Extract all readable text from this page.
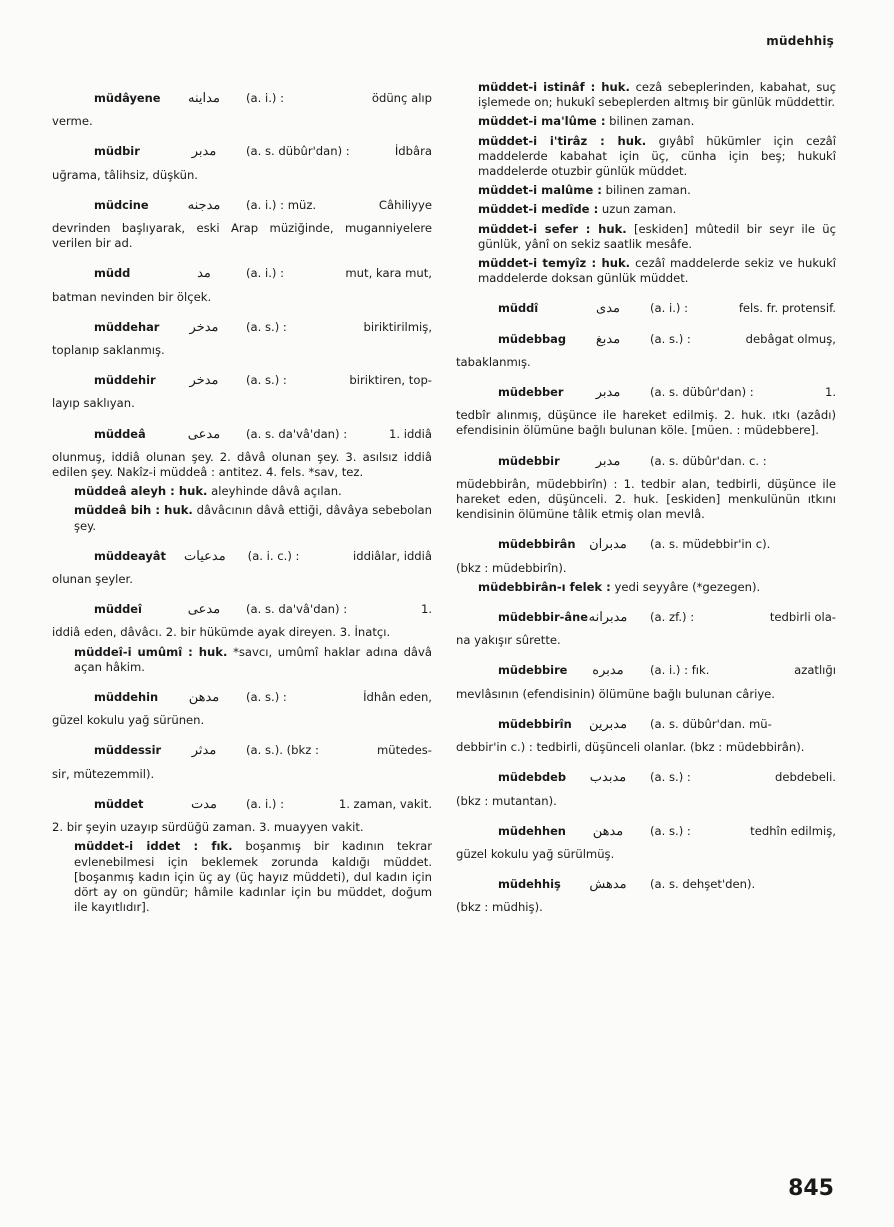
müdehhiş
müdâyene	مداينه	(a. i.) :	ödünç alıp
verme.
müdbir	مدبر	(a. s. dübûr'dan) :	İdbâra
uğrama, tâlihsiz, düşkün.
müdcine	مدجنه	(a. i.) : müz.	Câhiliyye
devrinden başlıyarak, eski Arap müziğinde, muganniyelere verilen bir ad.
müdd	مد	(a. i.) :	mut, kara mut,
batman nevinden bir ölçek.
müddehar	مدخر	(a. s.) :	biriktirilmiş,
toplanıp saklanmış.
müddehir	مدخر	(a. s.) :	biriktiren, top-
layıp saklıyan.
müddeâ	مدعى	(a. s. da'vâ'dan) :	1. iddiâ
olunmuş, iddiâ olunan şey. 2. dâvâ olunan şey. 3. asılsız iddiâ edilen şey. Nakîz-i müddeâ : antitez. 4. fels. *sav, tez.
müddeâ aleyh : huk. aleyhinde dâvâ açılan.
müddeâ bih : huk. dâvâcının dâvâ ettiği, dâvâya sebebolan şey.
müddeayât	مدعيات (a. i. c.) :	iddiâlar, iddiâ
olunan şeyler.
müddeî	مدعى	(a. s. da'vâ'dan) :	1.
iddiâ eden, dâvâcı. 2. bir hükümde ayak direyen. 3. İnatçı.
müddeî-i umûmî : huk. *savcı, umûmî haklar adına dâvâ açan hâkim.
müddehin	مدهن	(a. s.) :	İdhân eden,
güzel kokulu yağ sürünen.
müddessir	مدثر	(a. s.). (bkz :	mütedes-
sir, mütezemmil).
müddet	مدت	(a. i.) :	1. zaman, vakit.
2. bir şeyin uzayıp sürdüğü zaman. 3. muayyen vakit.
müddet-i iddet : fık. boşanmış bir kadının tekrar evlenebilmesi için beklemek zorunda kaldığı müddet. [boşanmış kadın için üç ay (üç hayız müddeti), dul kadın için dört ay on gündür; hâmile kadınlar için bu müddet, doğum ile kayıtlıdır].
müddet-i istinâf : huk. cezâ sebeplerinden, kabahat, suç işlemede on; hukukî sebeplerden altmış bir günlük müddettir.
müddet-i ma'lûme : bilinen zaman.
müddet-i i'tirâz : huk. gıyâbî hükümler için cezâî maddelerde kabahat için üç, cünha için beş; hukukî maddelerde otuzbir günlük müddet.
müddet-i malûme : bilinen zaman.
müddet-i medîde : uzun zaman.
müddet-i sefer : huk. [eskiden] mûtedil bir seyr ile üç günlük, yânî on sekiz saatlik mesâfe.
müddet-i temyîz : huk. cezâî maddelerde sekiz ve hukukî maddelerde doksan günlük müddet.
müddî	مدى	(a. i.) :	fels. fr. protensif.
müdebbag	مدبغ	(a. s.) :	debâgat olmuş,
tabaklanmış.
müdebber	مدبر	(a. s. dübûr'dan) :	1.
tedbîr alınmış, düşünce ile hareket edilmiş. 2. huk. ıtkı (azâdı) efendisinin ölümüne bağlı bulunan köle. [müen. : müdebbere].
müdebbir	مدبر	(a. s. dübûr'dan. c. :
müdebbirân, müdebbirîn) : 1. tedbir alan, tedbirli, düşünce ile hareket eden, düşünceli. 2. huk. [eskiden] menkulünün ıtkını kendisinin ölümüne tâlik etmiş olan mevlâ.
müdebbirân	مدبران (a. s. müdebbir'in c).
(bkz : müdebbirîn).
müdebbirân-ı felek : yedi seyyâre (*gezegen).
müdebbir-âne مدبرانه (a. zf.) :	tedbirli ola-
na yakışır sûrette.
müdebbire	مدبره	(a. i.) : fık.	azatlığı
mevlâsının (efendisinin) ölümüne bağlı bulunan câriye.
müdebbirîn	مدبرين (a. s. dübûr'dan. mü-
debbir'in c.) : tedbirli, düşünceli olanlar. (bkz : müdebbirân).
müdebdeb	مدبدب (a. s.) :	debdebeli.
(bkz : mutantan).
müdehhen	مدهن	(a. s.) :	tedhîn edilmiş,
güzel kokulu yağ sürülmüş.
müdehhiş	مدهش (a. s. dehşet'den).
(bkz : müdhiş).
845
